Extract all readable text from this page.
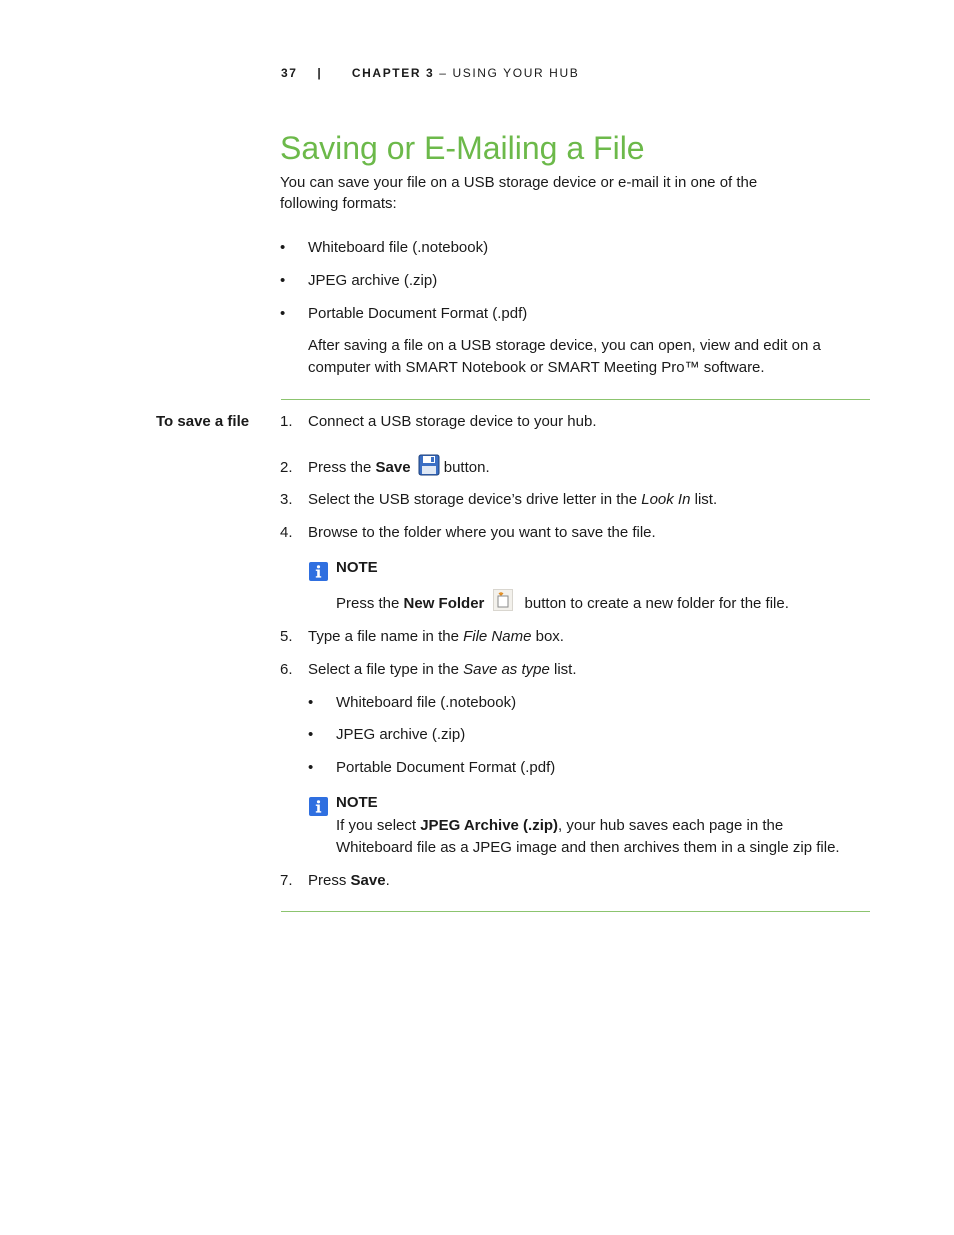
37 | CHAPTER 3 – USING YOUR HUB
Saving or E-Mailing a File
You can save your file on a USB storage device or e-mail it in one of the
following formats:
•	Whiteboard file (.notebook)
•	JPEG archive (.zip)
•	Portable Document Format (.pdf)
After saving a file on a USB storage device, you can open, view and edit on a
computer with SMART Notebook or SMART Meeting Pro™ software.
To save a file 1. Connect a USB storage device to your hub.
2. Press the Save button.
3. Select the USB storage device’s drive letter in the Look In list.
4. Browse to the folder where you want to save the file.
NOTE
Press the New Folder button to create a new folder for the file.
5. Type a file name in the File Name box.
6. Select a file type in the Save as type list.
•	Whiteboard file (.notebook)
•	JPEG archive (.zip)
•	Portable Document Format (.pdf)
NOTE
If you select JPEG Archive (.zip), your hub saves each page in the
Whiteboard file as a JPEG image and then archives them in a single zip file.
7. Press Save.
